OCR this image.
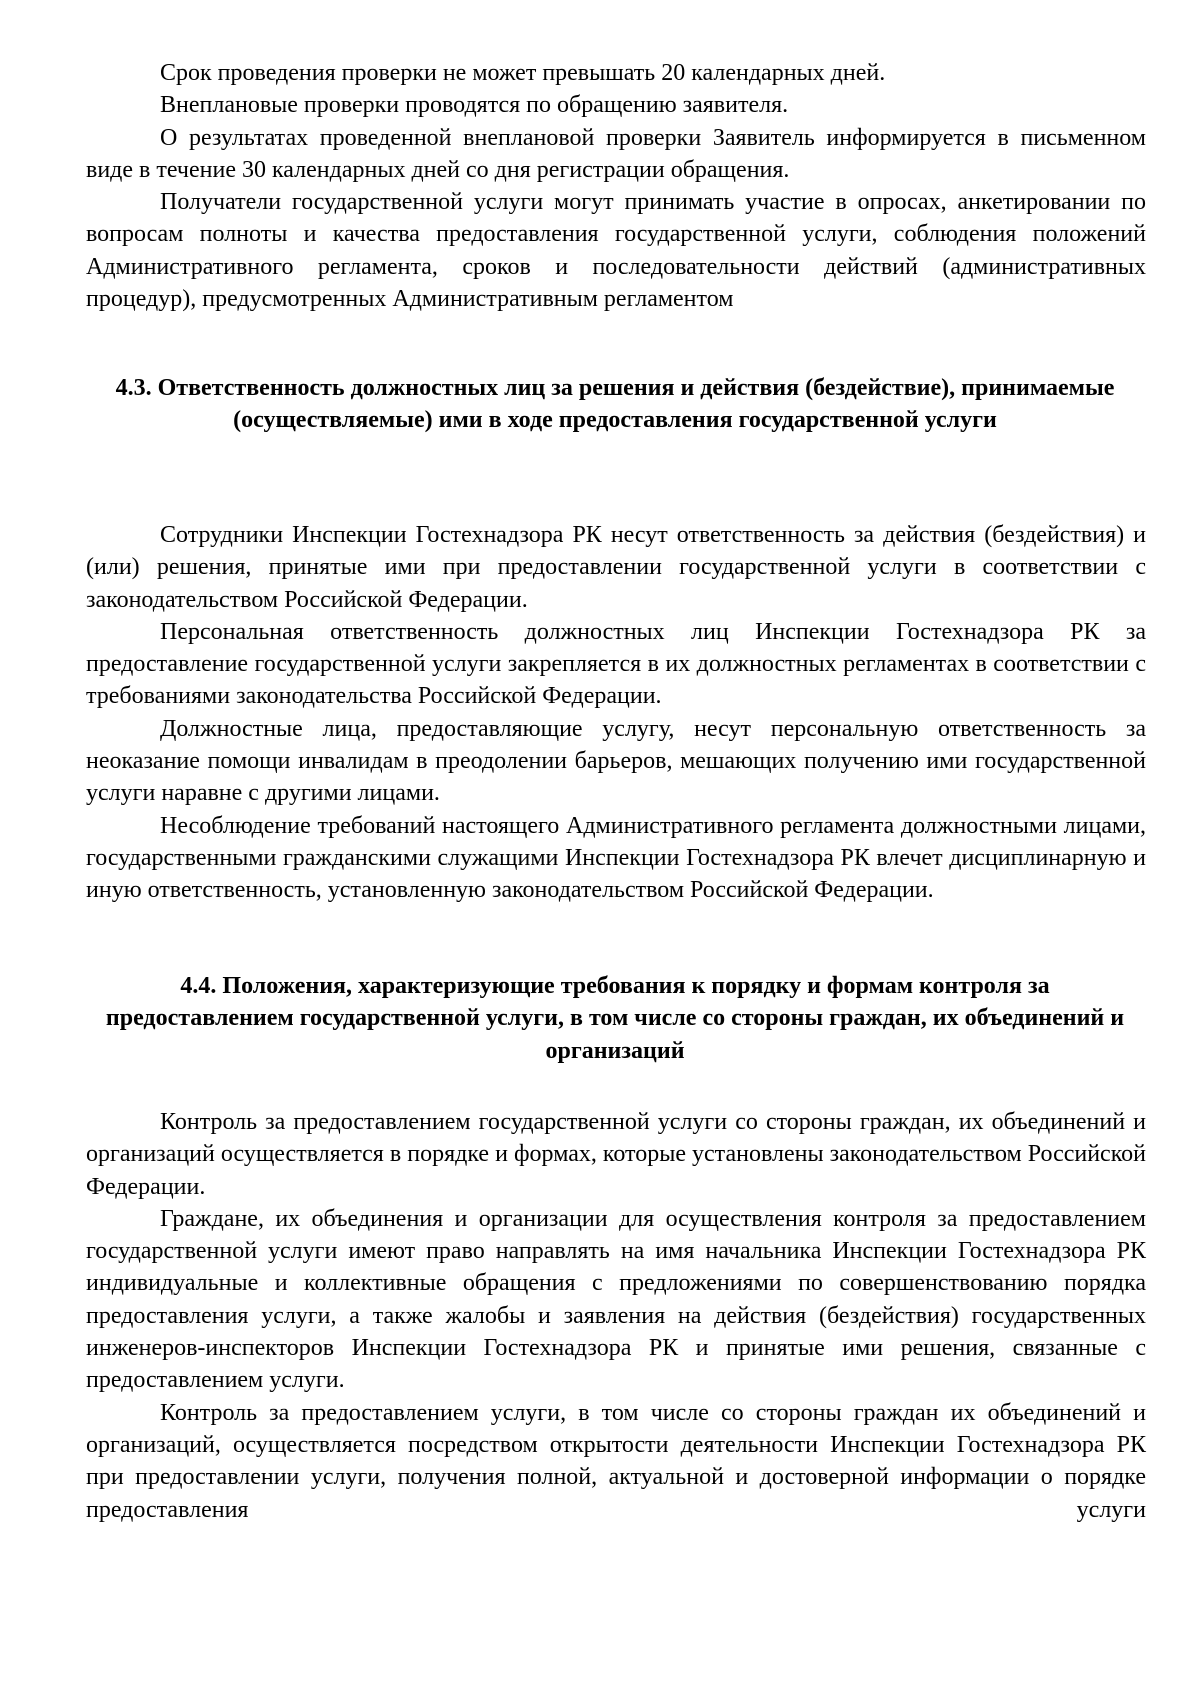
Срок проведения проверки не может превышать 20 календарных дней.

Внеплановые проверки проводятся по обращению заявителя.

О результатах проведенной внеплановой проверки Заявитель информируется в письменном виде в течение 30 календарных дней со дня регистрации обращения.

Получатели государственной услуги могут принимать участие в опросах, анкетировании по вопросам полноты и качества предоставления государственной услуги, соблюдения положений Административного регламента, сроков и последовательности действий (административных процедур), предусмотренных Административным регламентом

4.3. Ответственность должностных лиц за решения и действия (бездействие), принимаемые (осуществляемые) ими в ходе предоставления государственной услуги

Сотрудники Инспекции Гостехнадзора РК несут ответственность за действия (бездействия) и (или) решения, принятые ими при предоставлении государственной услуги в соответствии с законодательством Российской Федерации.

Персональная ответственность должностных лиц Инспекции Гостехнадзора РК за предоставление государственной услуги закрепляется в их должностных регламентах в соответствии с требованиями законодательства Российской Федерации.

Должностные лица, предоставляющие услугу, несут персональную ответственность за неоказание помощи инвалидам в преодолении барьеров, мешающих получению ими государственной услуги наравне с другими лицами.

Несоблюдение требований настоящего Административного регламента должностными лицами, государственными гражданскими служащими Инспекции Гостехнадзора РК влечет дисциплинарную и иную ответственность, установленную законодательством Российской Федерации.

4.4. Положения, характеризующие требования к порядку и формам контроля за предоставлением государственной услуги, в том числе со стороны граждан, их объединений и организаций

Контроль за предоставлением государственной услуги со стороны граждан, их объединений и организаций осуществляется в порядке и формах, которые установлены законодательством Российской Федерации.

Граждане, их объединения и организации для осуществления контроля за предоставлением государственной услуги имеют право направлять на имя начальника Инспекции Гостехнадзора РК индивидуальные и коллективные обращения с предложениями по совершенствованию порядка предоставления услуги, а также жалобы и заявления на действия (бездействия) государственных инженеров-инспекторов Инспекции Гостехнадзора РК и принятые ими решения, связанные с предоставлением услуги.

Контроль за предоставлением услуги, в том числе со стороны граждан их объединений и организаций, осуществляется посредством открытости деятельности Инспекции Гостехнадзора РК при предоставлении услуги, получения полной, актуальной и достоверной информации о порядке предоставления услуги
